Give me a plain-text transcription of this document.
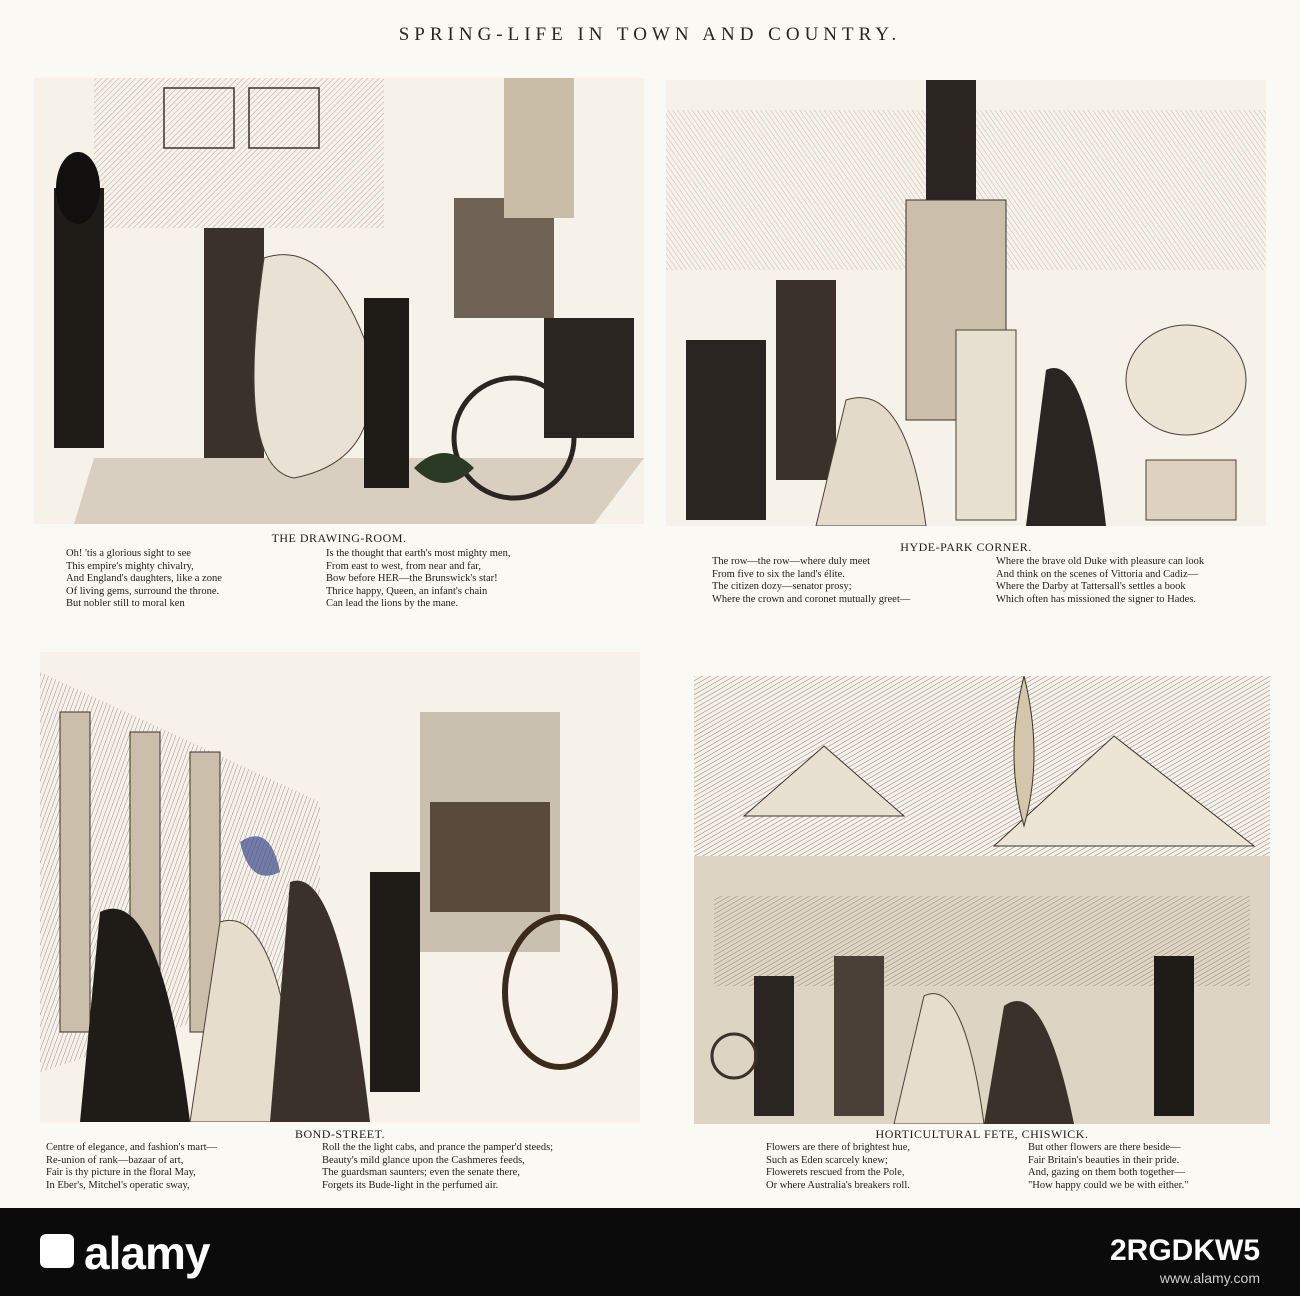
SPRING-LIFE IN TOWN AND COUNTRY.
THE DRAWING-ROOM.
Oh! 'tis a glorious sight to see
This empire's mighty chivalry,
And England's daughters, like a zone
Of living gems, surround the throne.
But nobler still to moral ken
Is the thought that earth's most mighty men,
From east to west, from near and far,
Bow before HER—the Brunswick's star!
Thrice happy, Queen, an infant's chain
Can lead the lions by the mane.
HYDE-PARK CORNER.
The row—the row—where duly meet
From five to six the land's élite.
The citizen dozy—senator prosy;
Where the crown and coronet mutually greet—
Where the brave old Duke with pleasure can look
And think on the scenes of Vittoria and Cadiz—
Where the Darby at Tattersall's settles a book
Which often has missioned the signer to Hades.
BOND-STREET.
Centre of elegance, and fashion's mart—
Re-union of rank—bazaar of art,
Fair is thy picture in the floral May,
In Eber's, Mitchel's operatic sway,
Roll the the light cabs, and prance the pamper'd steeds;
Beauty's mild glance upon the Cashmeres feeds,
The guardsman saunters; even the senate there,
Forgets its Bude-light in the perfumed air.
HORTICULTURAL FETE, CHISWICK.
Flowers are there of brightest hue,
Such as Eden scarcely knew;
Flowerets rescued from the Pole,
Or where Australia's breakers roll.
But other flowers are there beside—
Fair Britain's beauties in their pride.
And, gazing on them both together—
"How happy could we be with either."
alamy	2RGDKW5
www.alamy.com
